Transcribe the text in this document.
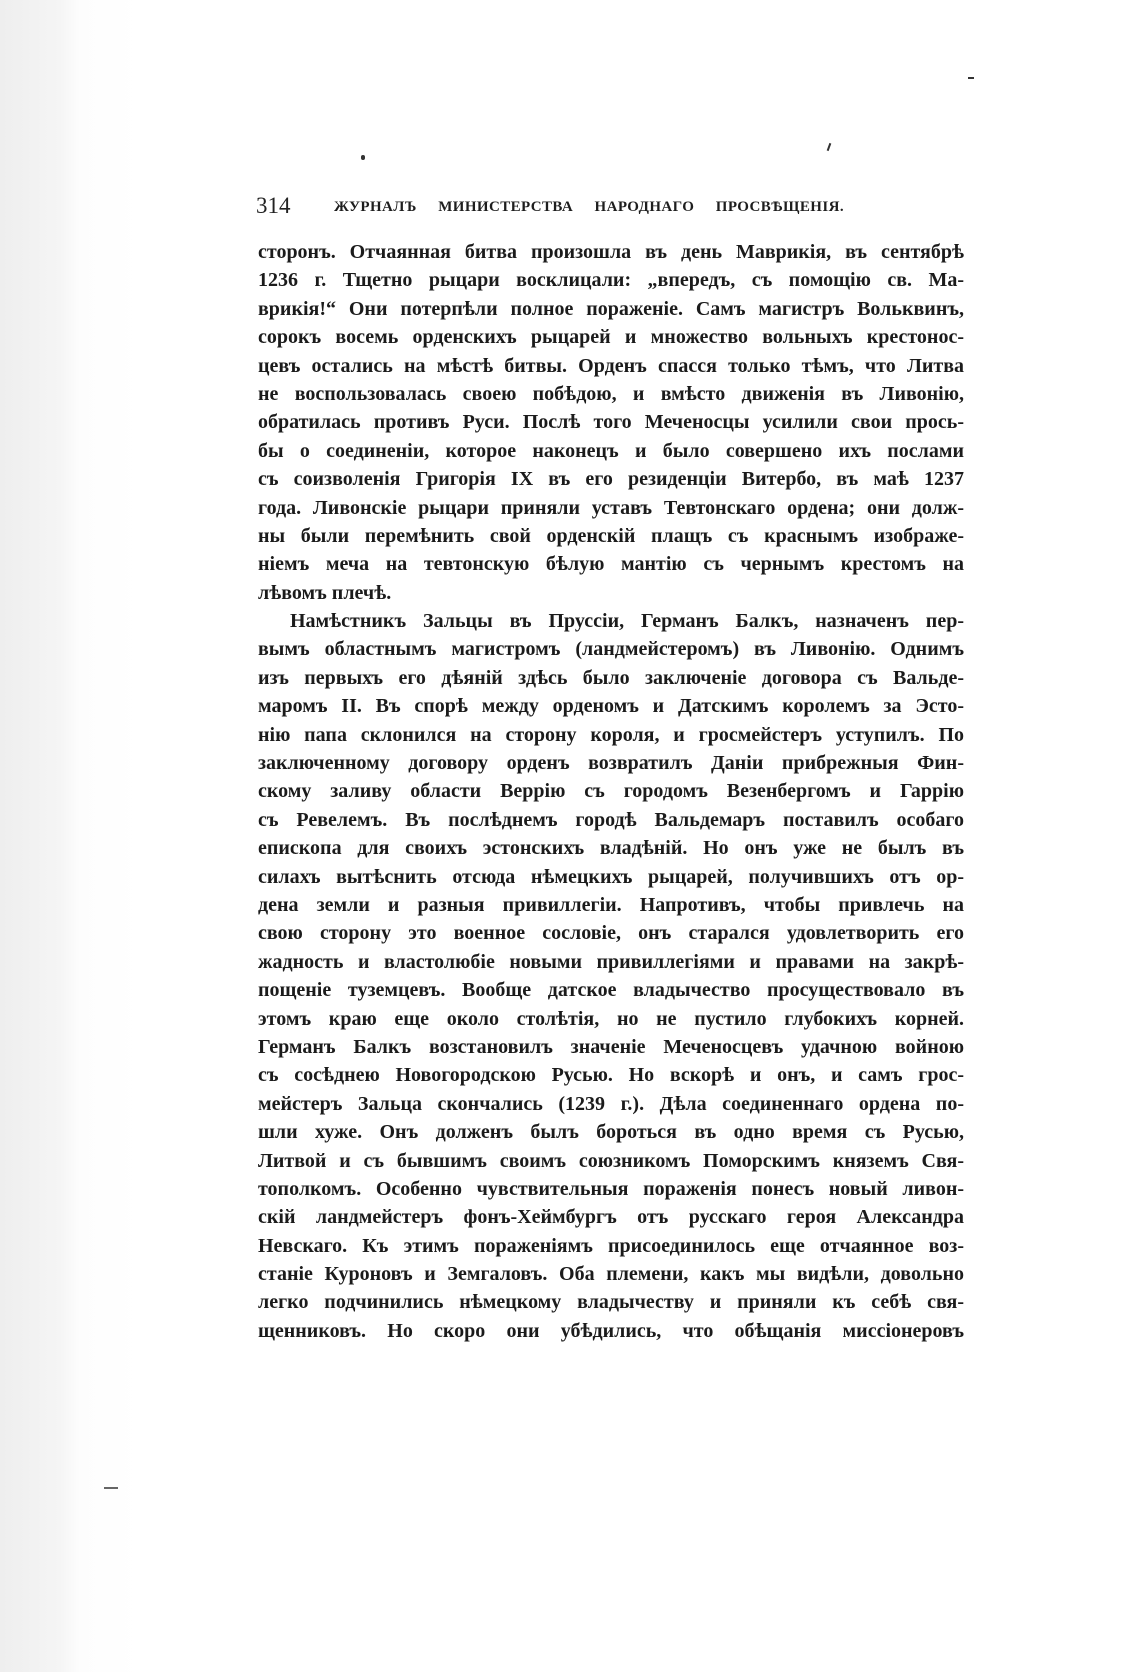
314	ЖУРНАЛЪ МИНИСТЕРСТВА НАРОДНАГО ПРОСВѢЩЕНІЯ.
сторонъ. Отчаянная битва произошла въ день Маврикія, въ сентябрѣ
1236 г. Тщетно рыцари восклицали: „впередъ, съ помощію св. Ма-
врикія!“ Они потерпѣли полное пораженіе. Самъ магистръ Вольквинъ,
сорокъ восемь орденскихъ рыцарей и множество вольныхъ крестонос-
цевъ остались на мѣстѣ битвы. Орденъ спасся только тѣмъ, что Литва
не воспользовалась своею побѣдою, и вмѣсто движенія въ Ливонію,
обратилась противъ Руси. Послѣ того Меченосцы усилили свои прось-
бы о соединеніи, которое наконецъ и было совершено ихъ послами
съ соизволенія Григорія IX въ его резиденціи Витербо, въ маѣ 1237
года. Ливонскіе рыцари приняли уставъ Тевтонскаго ордена; они долж-
ны были перемѣнить свой орденскій плащъ съ краснымъ изображе-
ніемъ меча на тевтонскую бѣлую мантію съ чернымъ крестомъ на
лѣвомъ плечѣ.
Намѣстникъ Зальцы въ Пруссіи, Германъ Балкъ, назначенъ пер-
вымъ областнымъ магистромъ (ландмейстеромъ) въ Ливонію. Однимъ
изъ первыхъ его дѣяній здѣсь было заключеніе договора съ Вальде-
маромъ II. Въ спорѣ между орденомъ и Датскимъ королемъ за Эсто-
нію папа склонился на сторону короля, и гросмейстеръ уступилъ. По
заключенному договору орденъ возвратилъ Даніи прибрежныя Фин-
скому заливу области Веррію съ городомъ Везенбергомъ и Гаррію
съ Ревелемъ. Въ послѣднемъ городѣ Вальдемаръ поставилъ особаго
епископа для своихъ эстонскихъ владѣній. Но онъ уже не былъ въ
силахъ вытѣснить отсюда нѣмецкихъ рыцарей, получившихъ отъ ор-
дена земли и разныя привиллегіи. Напротивъ, чтобы привлечь на
свою сторону это военное сословіе, онъ старался удовлетворить его
жадность и властолюбіе новыми привиллегіями и правами на закрѣ-
пощеніе туземцевъ. Вообще датское владычество просуществовало въ
этомъ краю еще около столѣтія, но не пустило глубокихъ корней.
Германъ Балкъ возстановилъ значеніе Меченосцевъ удачною войною
съ сосѣднею Новогородскою Русью. Но вскорѣ и онъ, и самъ грос-
мейстеръ Зальца скончались (1239 г.). Дѣла соединеннаго ордена по-
шли хуже. Онъ долженъ былъ бороться въ одно время съ Русью,
Литвой и съ бывшимъ своимъ союзникомъ Поморскимъ княземъ Свя-
тополкомъ. Особенно чувствительныя пораженія понесъ новый ливон-
скій ландмейстеръ фонъ-Хеймбургъ отъ русскаго героя Александра
Невскаго. Къ этимъ пораженіямъ присоединилось еще отчаянное воз-
станіе Куроновъ и Земгаловъ. Оба племени, какъ мы видѣли, довольно
легко подчинились нѣмецкому владычеству и приняли къ себѣ свя-
щенниковъ. Но скоро они убѣдились, что обѣщанія миссіонеровъ
